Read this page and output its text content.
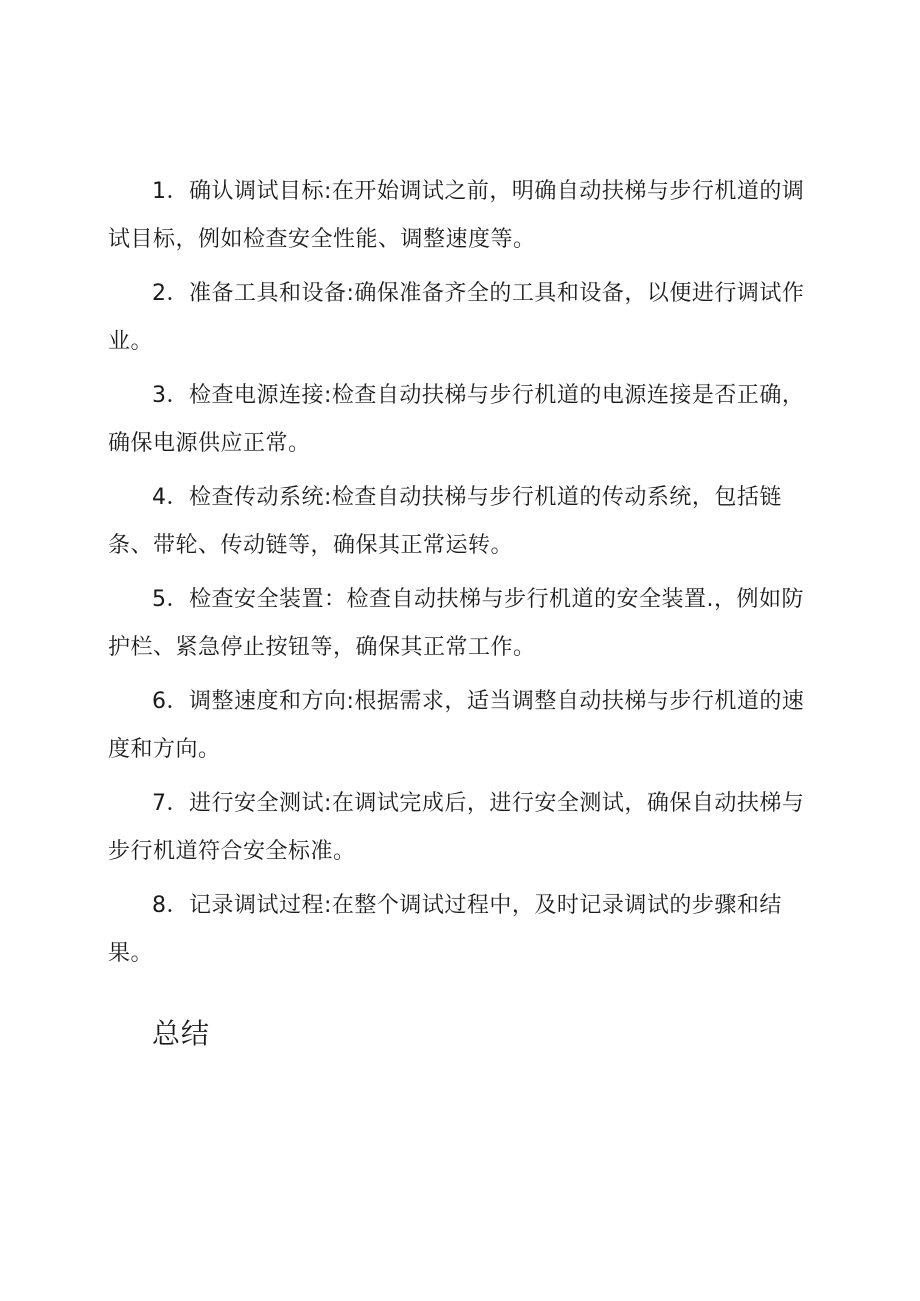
1．确认调试目标:在开始调试之前，明确自动扶梯与步行机道的调试目标，例如检查安全性能、调整速度等。
2．准备工具和设备:确保准备齐全的工具和设备，以便进行调试作业。
3．检查电源连接:检查自动扶梯与步行机道的电源连接是否正确，确保电源供应正常。
4．检查传动系统:检查自动扶梯与步行机道的传动系统，包括链条、带轮、传动链等，确保其正常运转。
5．检查安全装置：检查自动扶梯与步行机道的安全装置.，例如防护栏、紧急停止按钮等，确保其正常工作。
6．调整速度和方向:根据需求，适当调整自动扶梯与步行机道的速度和方向。
7．进行安全测试:在调试完成后，进行安全测试，确保自动扶梯与步行机道符合安全标准。
8．记录调试过程:在整个调试过程中，及时记录调试的步骤和结果。
总结
